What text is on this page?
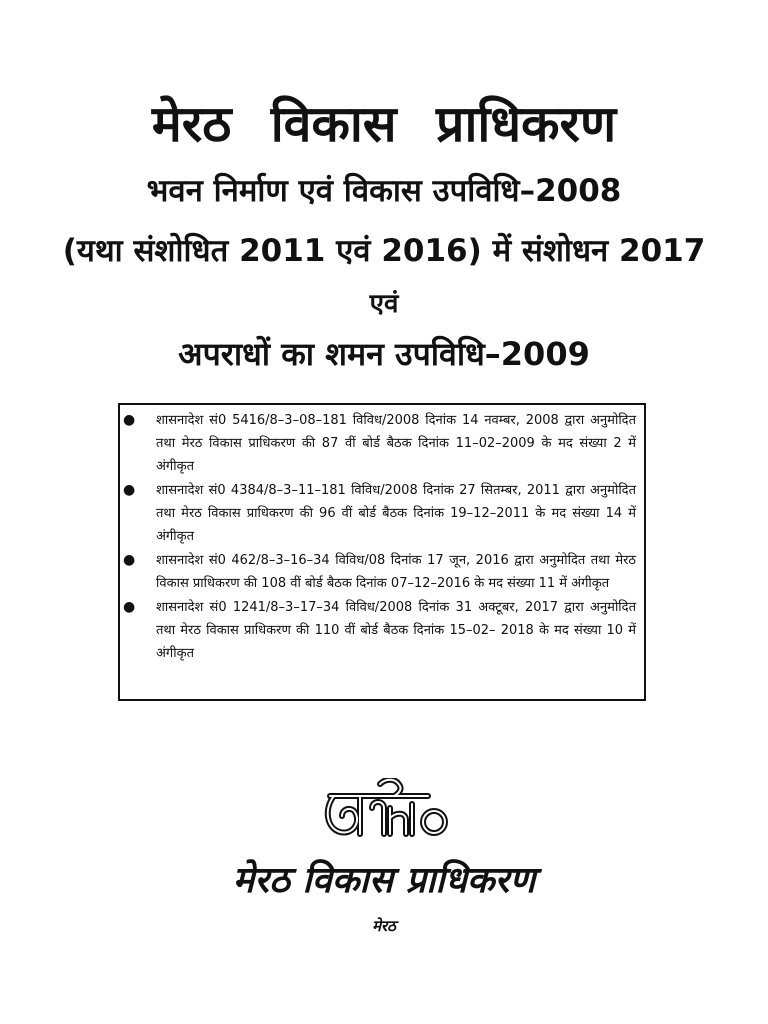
मेरठ विकास प्राधिकरण
भवन निर्माण एवं विकास उपविधि–2008
(यथा संशोधित 2011 एवं 2016) में संशोधन 2017
एवं
अपराधों का शमन उपविधि–2009
● शासनादेश सं0 5416/8–3–08–181 विविध/2008 दिनांक 14 नवम्बर, 2008 द्वारा अनुमोदित तथा मेरठ विकास प्राधिकरण की 87 वीं बोर्ड बैठक दिनांक 11–02–2009 के मद संख्या 2 में अंगीकृत
● शासनादेश सं0 4384/8–3–11–181 विविध/2008 दिनांक 27 सितम्बर, 2011 द्वारा अनुमोदित तथा मेरठ विकास प्राधिकरण की 96 वीं बोर्ड बैठक दिनांक 19–12–2011 के मद संख्या 14 में अंगीकृत
● शासनादेश सं0 462/8–3–16–34 विविध/08 दिनांक 17 जून, 2016 द्वारा अनुमोदित तथा मेरठ विकास प्राधिकरण की 108 वीं बोर्ड बैठक दिनांक 07–12–2016 के मद संख्या 11 में अंगीकृत
● शासनादेश सं0 1241/8–3–17–34 विविध/2008 दिनांक 31 अक्टूबर, 2017 द्वारा अनुमोदित तथा मेरठ विकास प्राधिकरण की 110 वीं बोर्ड बैठक दिनांक 15–02– 2018 के मद संख्या 10 में अंगीकृत
मेरठ विकास प्राधिकरण
मेरठ
